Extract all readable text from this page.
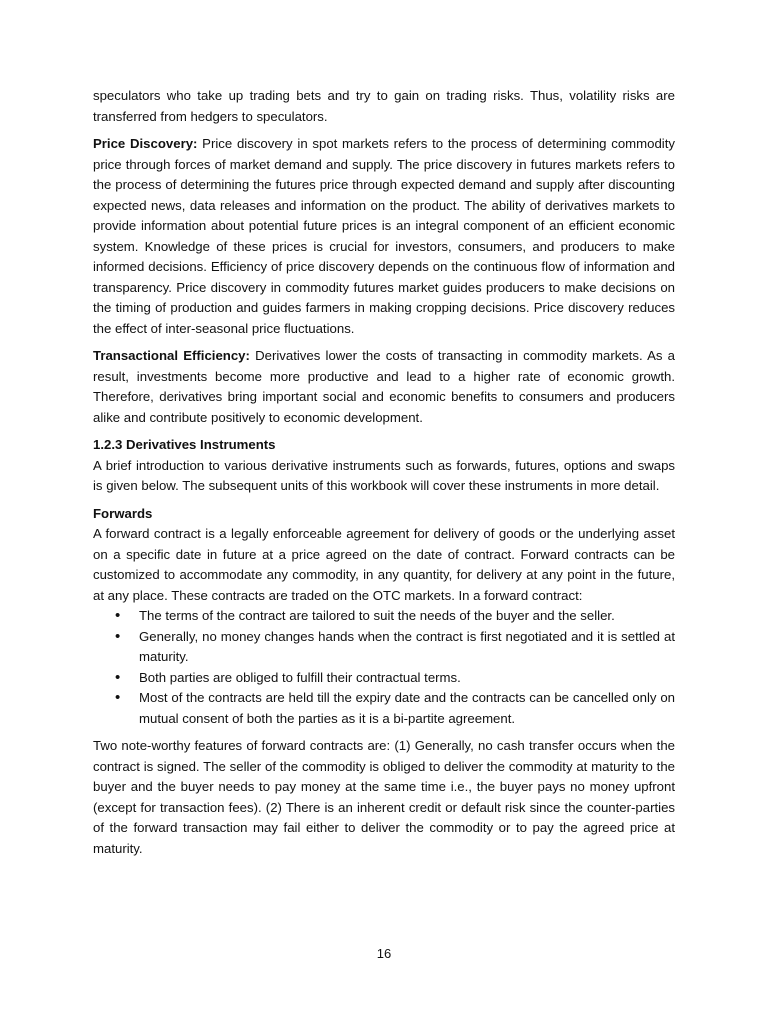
speculators who take up trading bets and try to gain on trading risks. Thus, volatility risks are transferred from hedgers to speculators.

Price Discovery: Price discovery in spot markets refers to the process of determining commodity price through forces of market demand and supply. The price discovery in futures markets refers to the process of determining the futures price through expected demand and supply after discounting expected news, data releases and information on the product. The ability of derivatives markets to provide information about potential future prices is an integral component of an efficient economic system. Knowledge of these prices is crucial for investors, consumers, and producers to make informed decisions. Efficiency of price discovery depends on the continuous flow of information and transparency. Price discovery in commodity futures market guides producers to make decisions on the timing of production and guides farmers in making cropping decisions. Price discovery reduces the effect of inter-seasonal price fluctuations.

Transactional Efficiency: Derivatives lower the costs of transacting in commodity markets. As a result, investments become more productive and lead to a higher rate of economic growth. Therefore, derivatives bring important social and economic benefits to consumers and producers alike and contribute positively to economic development.

1.2.3 Derivatives Instruments

A brief introduction to various derivative instruments such as forwards, futures, options and swaps is given below. The subsequent units of this workbook will cover these instruments in more detail.

Forwards

A forward contract is a legally enforceable agreement for delivery of goods or the underlying asset on a specific date in future at a price agreed on the date of contract. Forward contracts can be customized to accommodate any commodity, in any quantity, for delivery at any point in the future, at any place. These contracts are traded on the OTC markets. In a forward contract:

• The terms of the contract are tailored to suit the needs of the buyer and the seller.
• Generally, no money changes hands when the contract is first negotiated and it is settled at maturity.
• Both parties are obliged to fulfill their contractual terms.
• Most of the contracts are held till the expiry date and the contracts can be cancelled only on mutual consent of both the parties as it is a bi-partite agreement.

Two note-worthy features of forward contracts are: (1) Generally, no cash transfer occurs when the contract is signed. The seller of the commodity is obliged to deliver the commodity at maturity to the buyer and the buyer needs to pay money at the same time i.e., the buyer pays no money upfront (except for transaction fees). (2) There is an inherent credit or default risk since the counter-parties of the forward transaction may fail either to deliver the commodity or to pay the agreed price at maturity.

16
